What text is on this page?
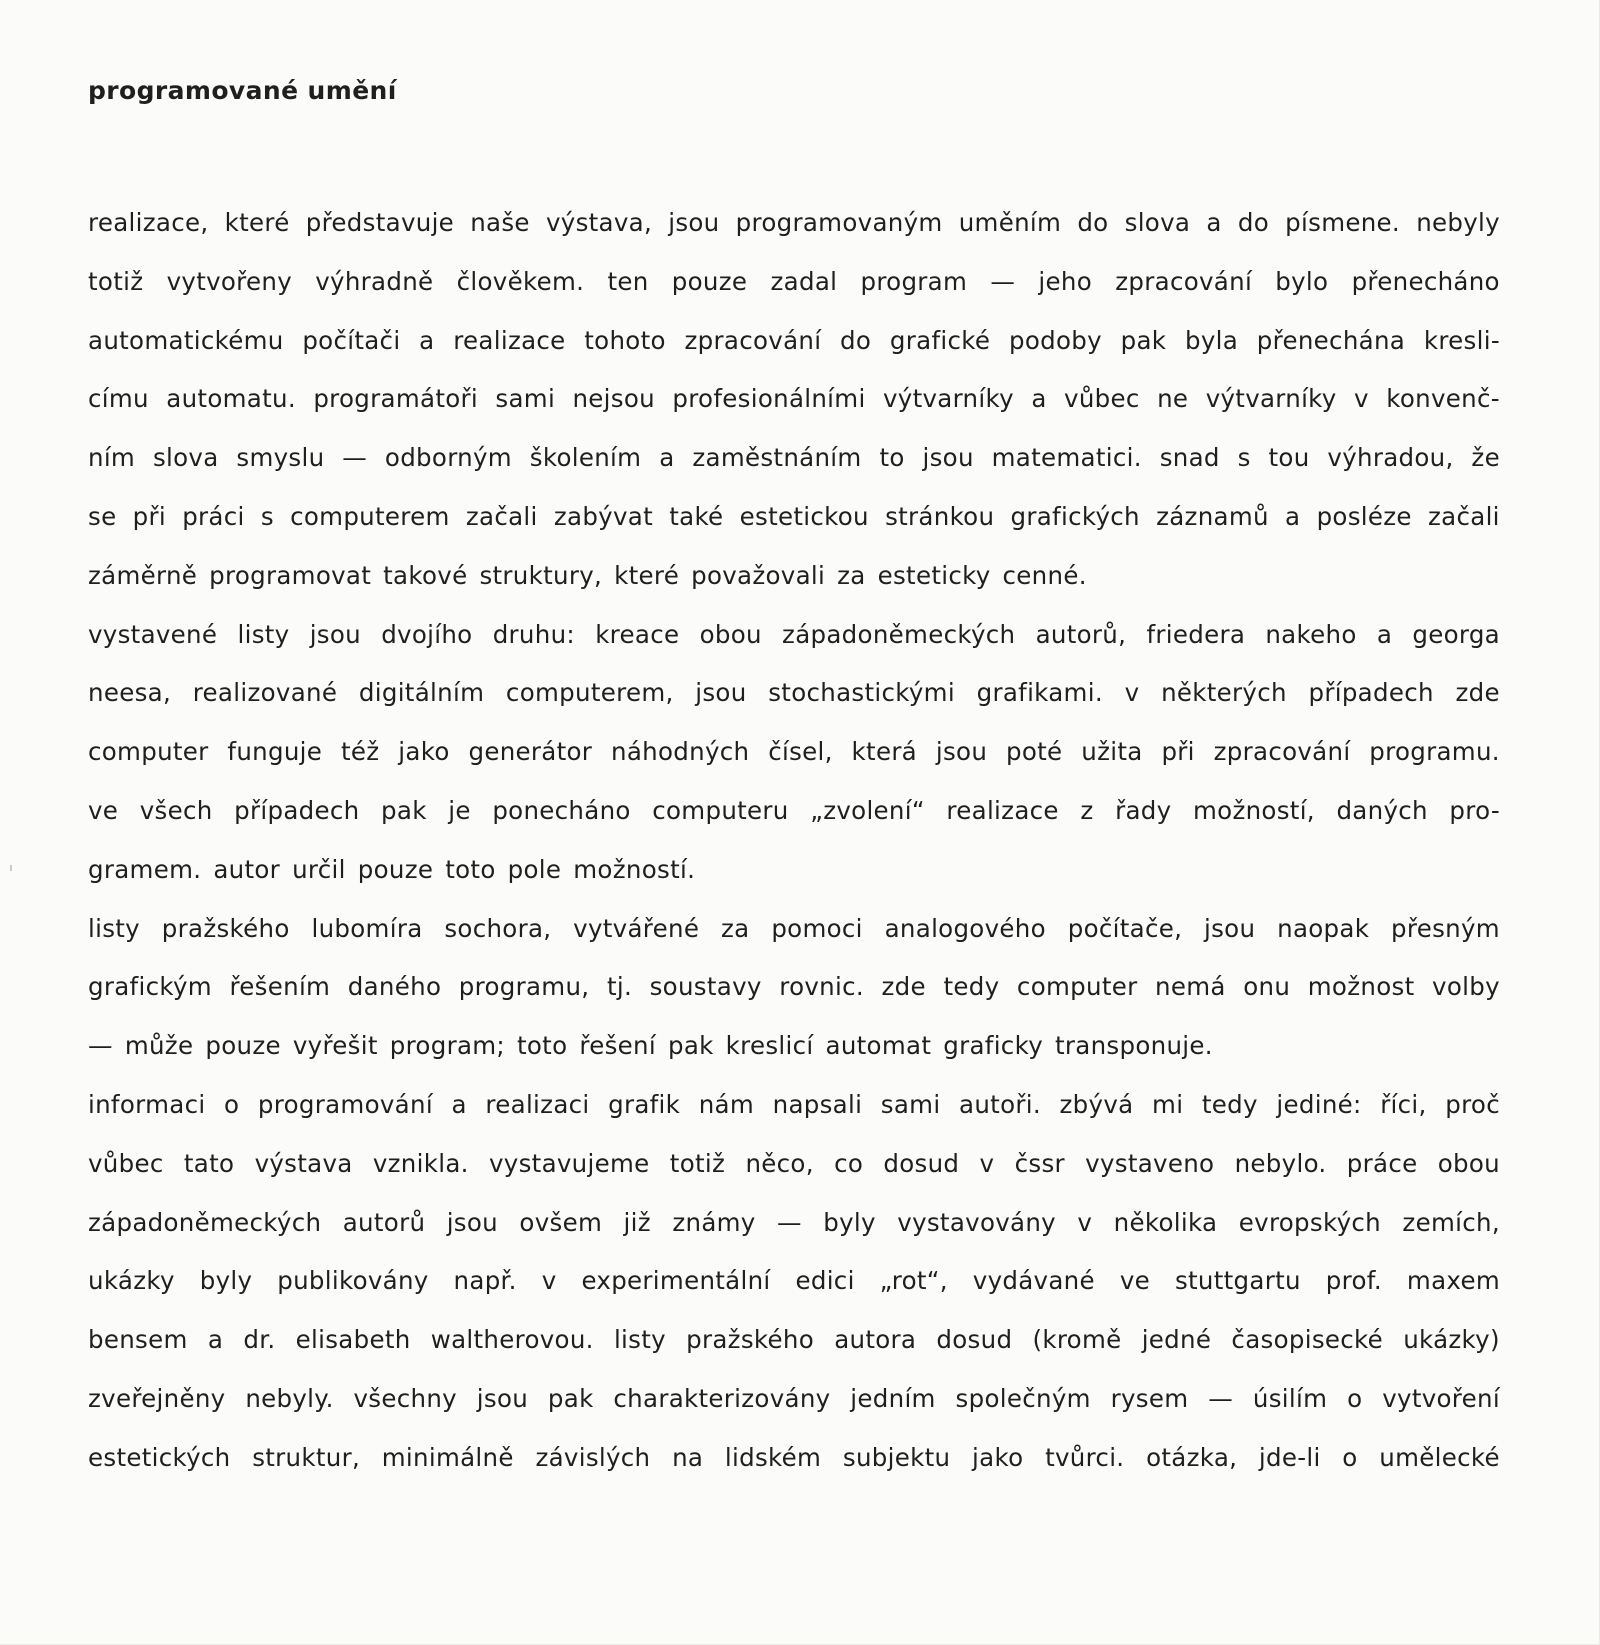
programované umění
realizace, které představuje naše výstava, jsou programovaným uměním do slova a do písmene. nebyly
totiž vytvořeny výhradně člověkem. ten pouze zadal program — jeho zpracování bylo přenecháno
automatickému počítači a realizace tohoto zpracování do grafické podoby pak byla přenechána kresli-
címu automatu. programátoři sami nejsou profesionálními výtvarníky a vůbec ne výtvarníky v konvenč-
ním slova smyslu — odborným školením a zaměstnáním to jsou matematici. snad s tou výhradou, že
se při práci s computerem začali zabývat také estetickou stránkou grafických záznamů a posléze začali
záměrně programovat takové struktury, které považovali za esteticky cenné.
vystavené listy jsou dvojího druhu: kreace obou západoněmeckých autorů, friedera nakeho a georga
neesa, realizované digitálním computerem, jsou stochastickými grafikami. v některých případech zde
computer funguje též jako generátor náhodných čísel, která jsou poté užita při zpracování programu.
ve všech případech pak je ponecháno computeru „zvolení“ realizace z řady možností, daných pro-
gramem. autor určil pouze toto pole možností.
listy pražského lubomíra sochora, vytvářené za pomoci analogového počítače, jsou naopak přesným
grafickým řešením daného programu, tj. soustavy rovnic. zde tedy computer nemá onu možnost volby
— může pouze vyřešit program; toto řešení pak kreslicí automat graficky transponuje.
informaci o programování a realizaci grafik nám napsali sami autoři. zbývá mi tedy jediné: říci, proč
vůbec tato výstava vznikla. vystavujeme totiž něco, co dosud v čssr vystaveno nebylo. práce obou
západoněmeckých autorů jsou ovšem již známy — byly vystavovány v několika evropských zemích,
ukázky byly publikovány např. v experimentální edici „rot“, vydávané ve stuttgartu prof. maxem
bensem a dr. elisabeth waltherovou. listy pražského autora dosud (kromě jedné časopisecké ukázky)
zveřejněny nebyly. všechny jsou pak charakterizovány jedním společným rysem — úsilím o vytvoření
estetických struktur, minimálně závislých na lidském subjektu jako tvůrci. otázka, jde-li o umělecké
